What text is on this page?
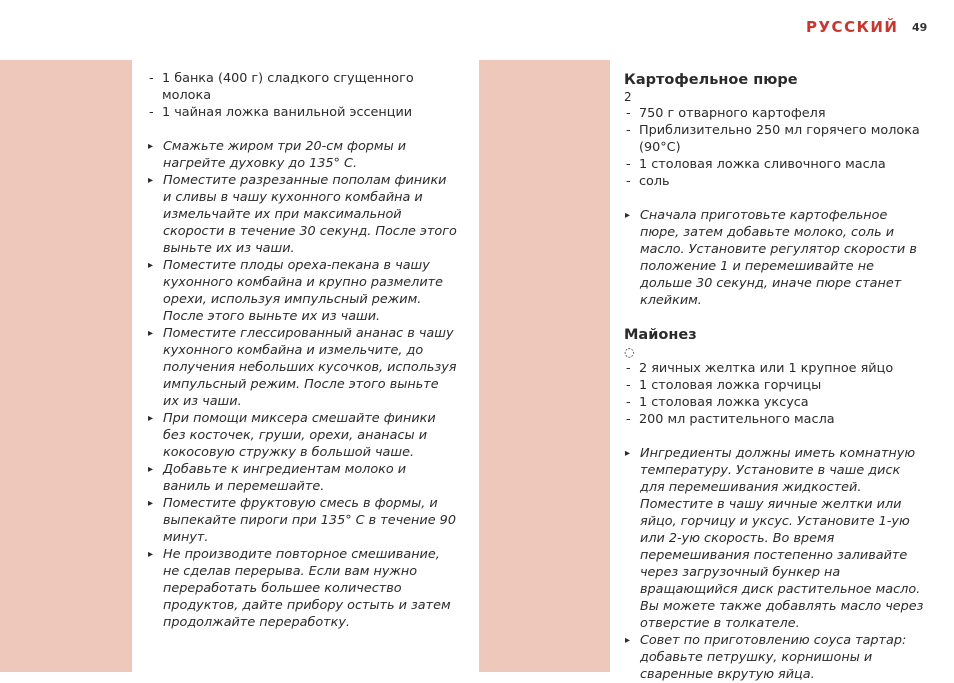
РУССКИЙ 49
- 1 банка (400 г) сладкого сгущенного молока
- 1 чайная ложка ванильной эссенции
▸ Смажьте жиром три 20-см формы и нагрейте духовку до 135° С.
▸ Поместите разрезанные пополам финики и сливы в чашу кухонного комбайна и измельчайте их при максимальной скорости в течение 30 секунд. После этого выньте их из чаши.
▸ Поместите плоды ореха-пекана в чашу кухонного комбайна и крупно размелите орехи, используя импульсный режим. После этого выньте их из чаши.
▸ Поместите глессированный ананас в чашу кухонного комбайна и измельчите, до получения небольших кусочков, используя импульсный режим. После этого выньте их из чаши.
▸ При помощи миксера смешайте финики без косточек, груши, орехи, ананасы и кокосовую стружку в большой чаше.
▸ Добавьте к ингредиентам молоко и ваниль и перемешайте.
▸ Поместите фруктовую смесь в формы, и выпекайте пироги при 135° С в течение 90 минут.
▸ Не производите повторное смешивание, не сделав перерыва. Если вам нужно переработать большее количество продуктов, дайте прибору остыть и затем продолжайте переработку.
Картофельное пюре
2
- 750 г отварного картофеля
- Приблизительно 250 мл горячего молока (90°С)
- 1 столовая ложка сливочного масла
- соль
▸ Сначала приготовьте картофельное пюре, затем добавьте молоко, соль и масло. Установите регулятор скорости в положение 1 и перемешивайте не дольше 30 секунд, иначе пюре станет клейким.
Майонез
◌
- 2 яичных желтка или 1 крупное яйцо
- 1 столовая ложка горчицы
- 1 столовая ложка уксуса
- 200 мл растительного масла
▸ Ингредиенты должны иметь комнатную температуру. Установите в чаше диск для перемешивания жидкостей. Поместите в чашу яичные желтки или яйцо, горчицу и уксус. Установите 1-ую или 2-ую скорость. Во время перемешивания постепенно заливайте через загрузочный бункер на вращающийся диск растительное масло. Вы можете также добавлять масло через отверстие в толкателе.
▸ Совет по приготовлению соуса тартар: добавьте петрушку, корнишоны и сваренные вкрутую яйца.
